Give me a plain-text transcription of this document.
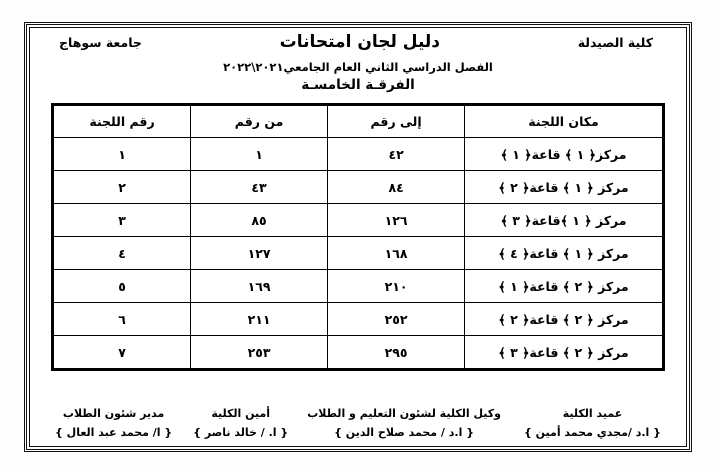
كلية الصيدلة
دليل لجان امتحانات
جامعة سوهاج
الفصل الدراسي الثاني العام الجامعي٢٠٢١\٢٠٢٢
الفرقـة الخامسـة
مكان اللجنة	إلى رقم	من رقم	رقم اللجنة
مركز﴿ ١ ﴾ قاعة﴿ ١ ﴾	٤٢	١	١
مركز ﴿ ١ ﴾ قاعة﴿ ٢ ﴾	٨٤	٤٣	٢
مركز ﴿ ١ ﴾قاعة﴿ ٣ ﴾	١٢٦	٨٥	٣
مركز ﴿ ١ ﴾ قاعة﴿ ٤ ﴾	١٦٨	١٢٧	٤
مركز ﴿ ٢ ﴾ قاعة﴿ ١ ﴾	٢١٠	١٦٩	٥
مركز ﴿ ٢ ﴾ قاعة﴿ ٢ ﴾	٢٥٢	٢١١	٦
مركز ﴿ ٢ ﴾ قاعة﴿ ٣ ﴾	٢٩٥	٢٥٣	٧
عميد الكلية
{ ا.د /مجدي محمد أمين }
وكيل الكلية لشئون التعليم و الطلاب
{ ا.د / محمد صلاح الدين }
أمين الكلية
{ ا. / خالد ناصر }
مدير شئون الطلاب
{ ا/ محمد عبد العال }
